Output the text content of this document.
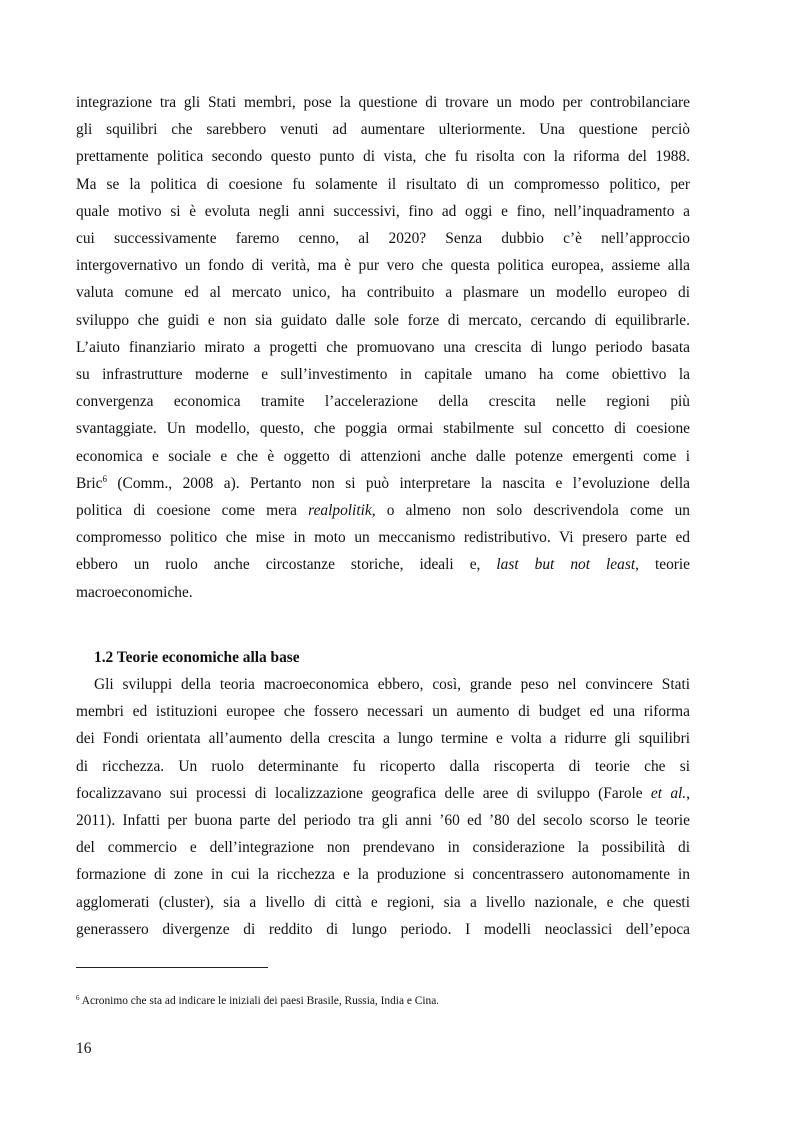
integrazione tra gli Stati membri, pose la questione di trovare un modo per controbilanciare
gli squilibri che sarebbero venuti ad aumentare ulteriormente. Una questione perciò
prettamente politica secondo questo punto di vista, che fu risolta con la riforma del 1988.
Ma se la politica di coesione fu solamente il risultato di un compromesso politico, per
quale motivo si è evoluta negli anni successivi, fino ad oggi e fino, nell’inquadramento a
cui successivamente faremo cenno, al 2020? Senza dubbio c’è nell’approccio
intergovernativo un fondo di verità, ma è pur vero che questa politica europea, assieme alla
valuta comune ed al mercato unico, ha contribuito a plasmare un modello europeo di
sviluppo che guidi e non sia guidato dalle sole forze di mercato, cercando di equilibrarle.
L’aiuto finanziario mirato a progetti che promuovano una crescita di lungo periodo basata
su infrastrutture moderne e sull’investimento in capitale umano ha come obiettivo la
convergenza economica tramite l’accelerazione della crescita nelle regioni più
svantaggiate. Un modello, questo, che poggia ormai stabilmente sul concetto di coesione
economica e sociale e che è oggetto di attenzioni anche dalle potenze emergenti come i
Bric$^6$ (Comm., 2008 a). Pertanto non si può interpretare la nascita e l’evoluzione della
politica di coesione come mera realpolitik, o almeno non solo descrivendola come un
compromesso politico che mise in moto un meccanismo redistributivo. Vi presero parte ed
ebbero un ruolo anche circostanze storiche, ideali e, last but not least, teorie
macroeconomiche.
1.2 Teorie economiche alla base
Gli sviluppi della teoria macroeconomica ebbero, così, grande peso nel convincere Stati
membri ed istituzioni europee che fossero necessari un aumento di budget ed una riforma
dei Fondi orientata all’aumento della crescita a lungo termine e volta a ridurre gli squilibri
di ricchezza. Un ruolo determinante fu ricoperto dalla riscoperta di teorie che si
focalizzavano sui processi di localizzazione geografica delle aree di sviluppo (Farole et al.,
2011). Infatti per buona parte del periodo tra gli anni ’60 ed ’80 del secolo scorso le teorie
del commercio e dell’integrazione non prendevano in considerazione la possibilità di
formazione di zone in cui la ricchezza e la produzione si concentrassero autonomamente in
agglomerati (cluster), sia a livello di città e regioni, sia a livello nazionale, e che questi
generassero divergenze di reddito di lungo periodo. I modelli neoclassici dell’epoca
$^6$ Acronimo che sta ad indicare le iniziali dei paesi Brasile, Russia, India e Cina.
16
